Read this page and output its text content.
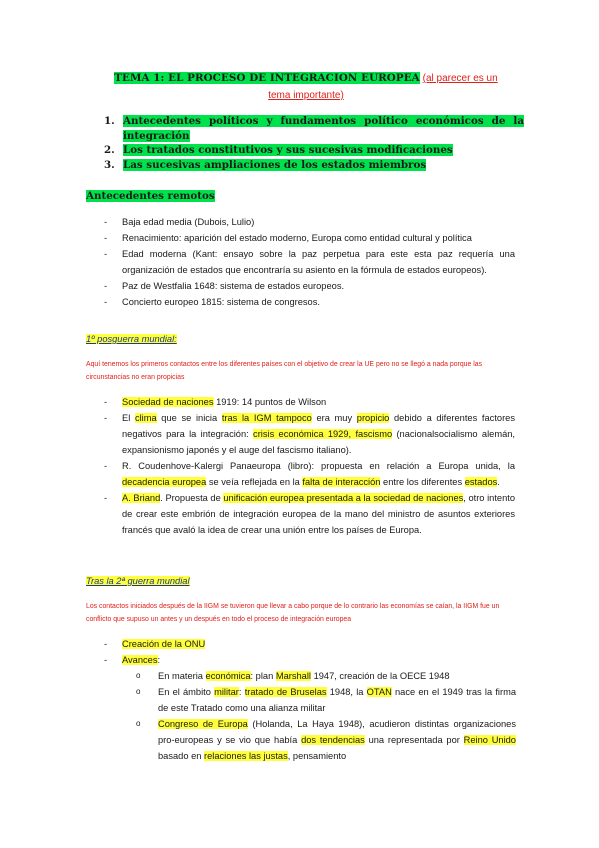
TEMA 1: EL PROCESO DE INTEGRACION EUROPEA (al parecer es un
tema importante)
1. Antecedentes políticos y fundamentos político económicos de la integración
2. Los tratados constitutivos y sus sucesivas modificaciones
3. Las sucesivas ampliaciones de los estados miembros
Antecedentes remotos
-	Baja edad media (Dubois, Lulio)
-	Renacimiento: aparición del estado moderno, Europa como entidad cultural y política
-	Edad moderna (Kant: ensayo sobre la paz perpetua para este esta paz requería una organización de estados que encontraría su asiento en la fórmula de estados europeos).
-	Paz de Westfalia 1648: sistema de estados europeos.
-	Concierto europeo 1815: sistema de congresos.
1º posguerra mundial:
Aquí tenemos los primeros contactos entre los diferentes países con el objetivo de crear la UE pero no se llegó a nada porque las circunstancias no eran propicias
-	Sociedad de naciones 1919: 14 puntos de Wilson
-	El clima que se inicia tras la IGM tampoco era muy propicio debido a diferentes factores negativos para la integración: crisis económica 1929, fascismo (nacionalsocialismo alemán, expansionismo japonés y el auge del fascismo italiano).
-	R. Coudenhove-Kalergi Panaeuropa (libro): propuesta en relación a Europa unida, la decadencia europea se veía reflejada en la falta de interacción entre los diferentes estados.
-	A. Briand. Propuesta de unificación europea presentada a la sociedad de naciones, otro intento de crear este embrión de integración europea de la mano del ministro de asuntos exteriores francés que avaló la idea de crear una unión entre los países de Europa.
Tras la 2ª guerra mundial
Los contactos iniciados después de la IIGM se tuvieron que llevar a cabo porque de lo contrario las economías se caían, la IIGM fue un conflicto que supuso un antes y un después en todo el proceso de integración europea
-	Creación de la ONU
-	Avances:
o	En materia económica: plan Marshall 1947, creación de la OECE 1948
o	En el ámbito militar: tratado de Bruselas 1948, la OTAN nace en el 1949 tras la firma de este Tratado como una alianza militar
o	Congreso de Europa (Holanda, La Haya 1948), acudieron distintas organizaciones pro-europeas y se vio que había dos tendencias una representada por Reino Unido basado en relaciones las justas, pensamiento
